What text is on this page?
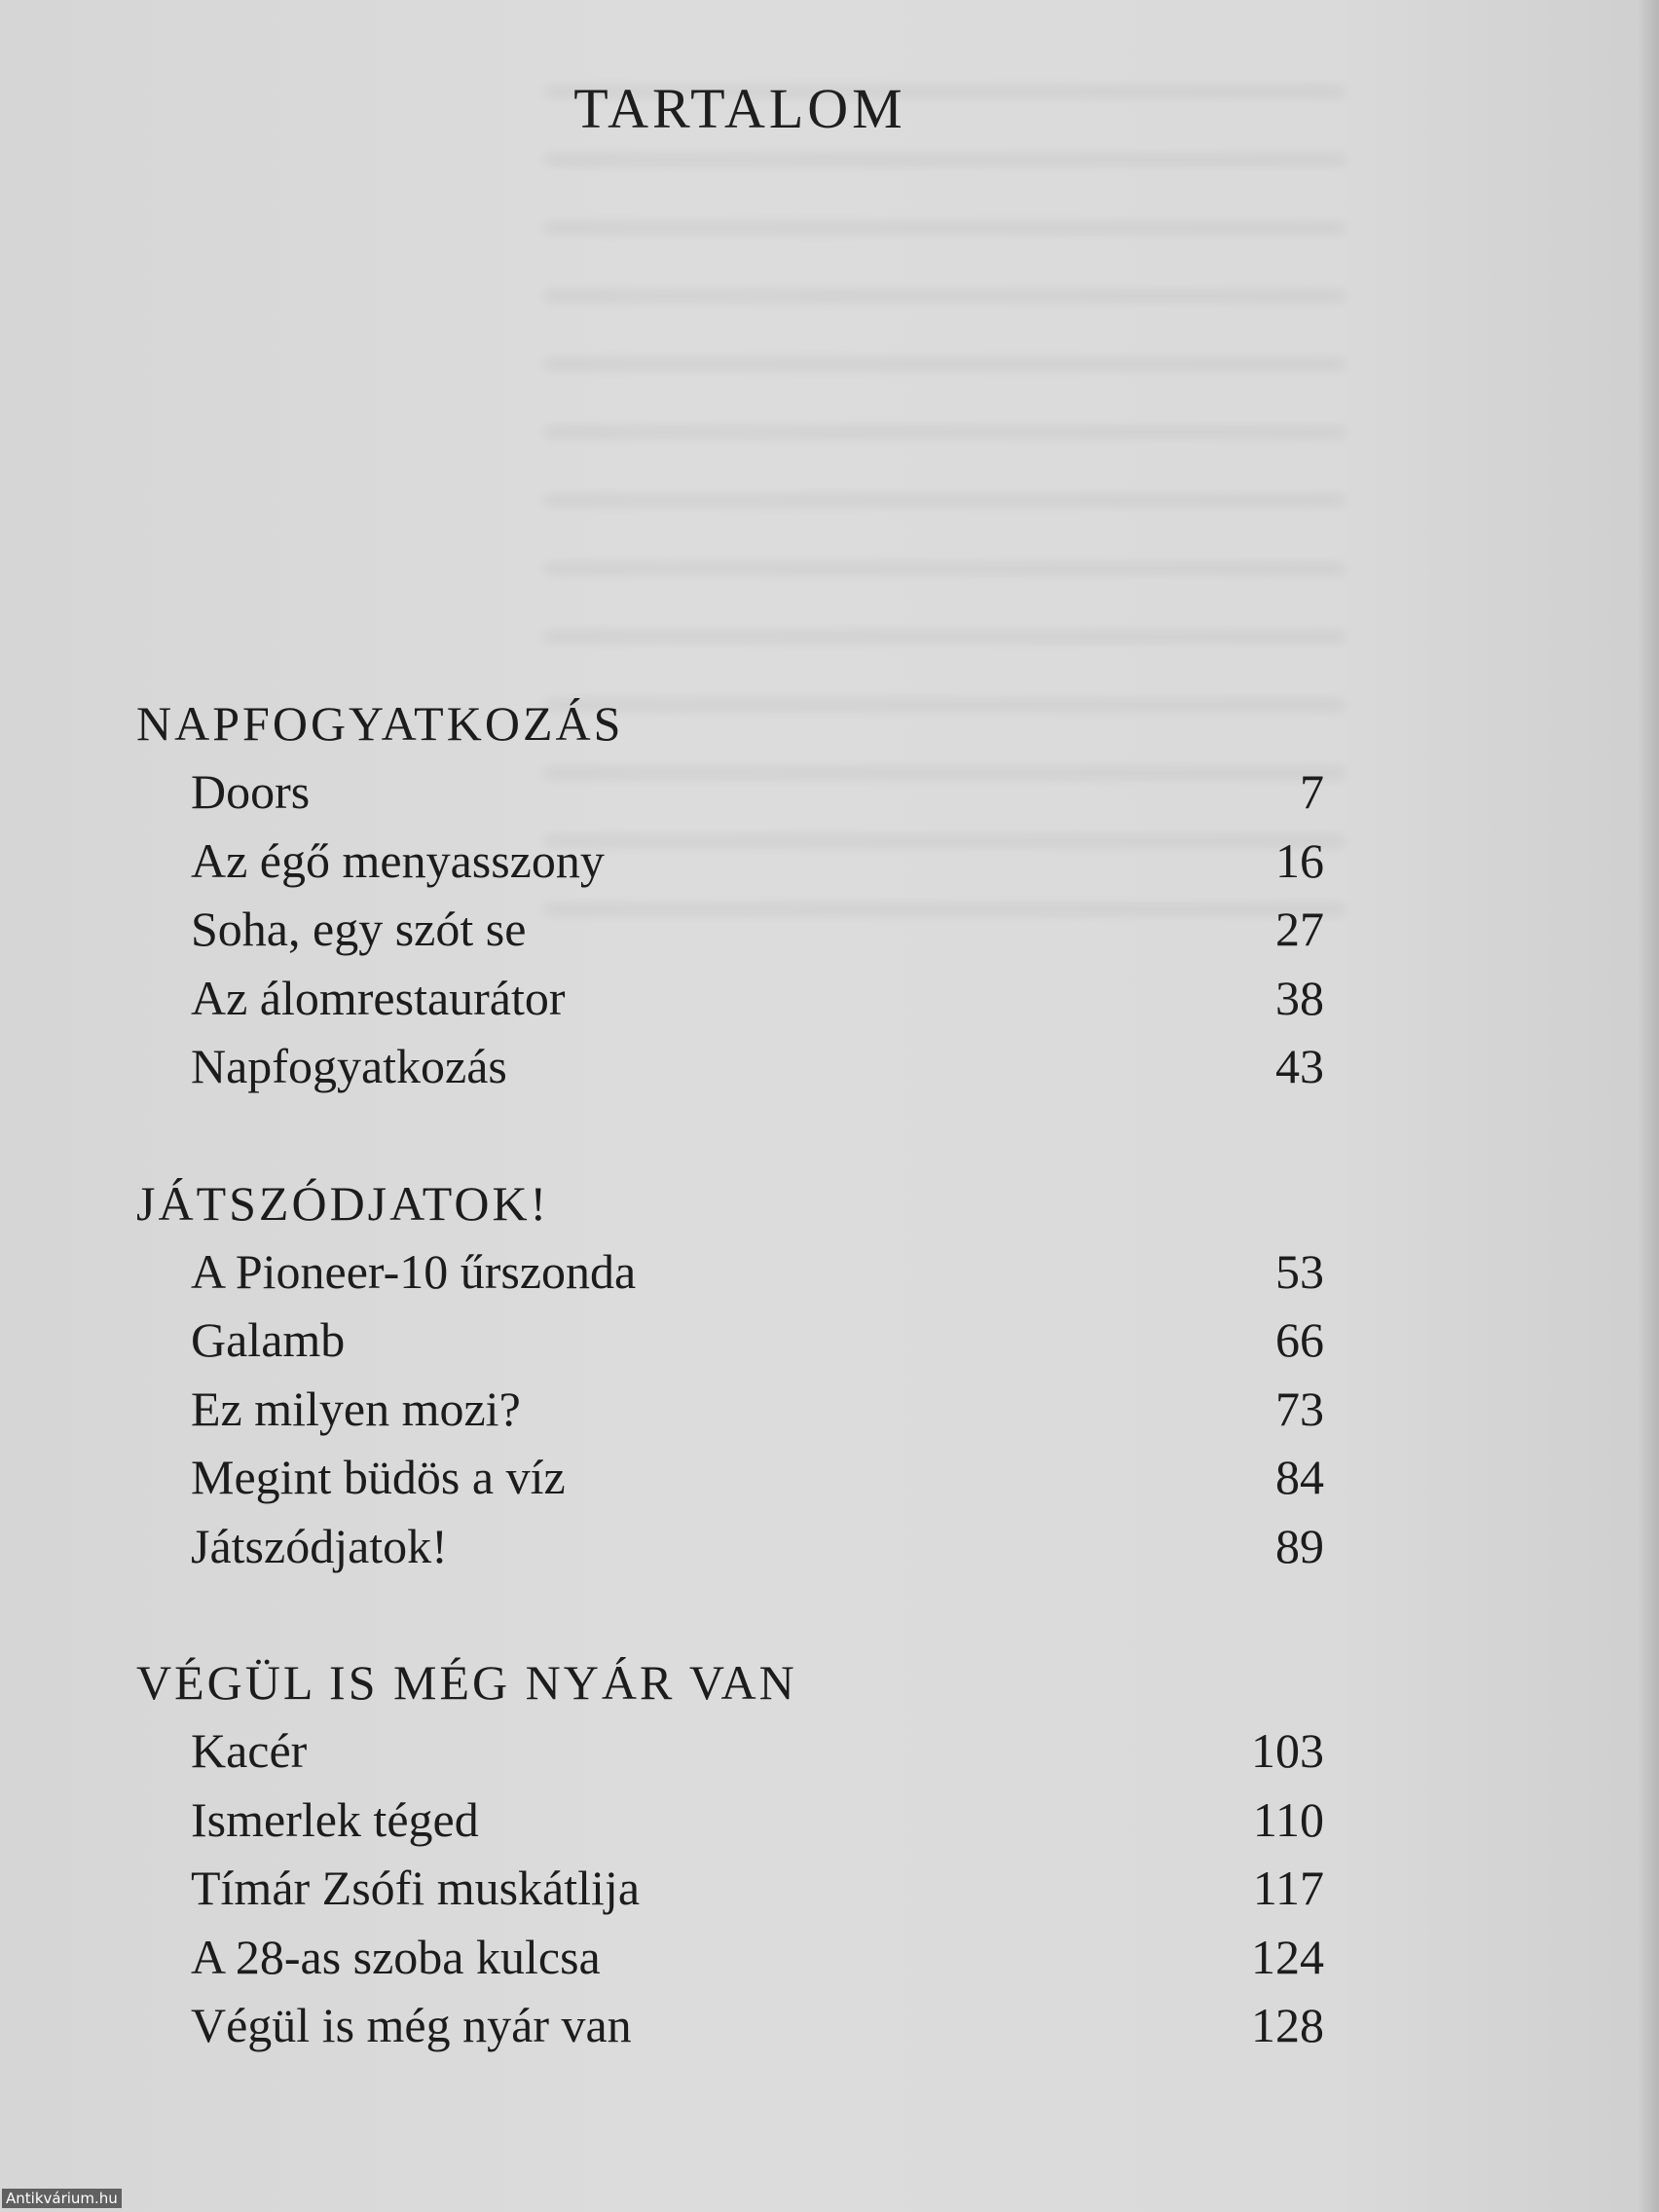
TARTALOM
NAPFOGYATKOZÁS
Doors	7
Az égő menyasszony	16
Soha, egy szót se	27
Az álomrestaurátor	38
Napfogyatkozás	43
JÁTSZÓDJATOK!
A Pioneer-10 űrszonda	53
Galamb	66
Ez milyen mozi?	73
Megint büdös a víz	84
Játszódjatok!	89
VÉGÜL IS MÉG NYÁR VAN
Kacér	103
Ismerlek téged	110
Tímár Zsófi muskátlija	117
A 28-as szoba kulcsa	124
Végül is még nyár van	128
Antikvárium.hu
